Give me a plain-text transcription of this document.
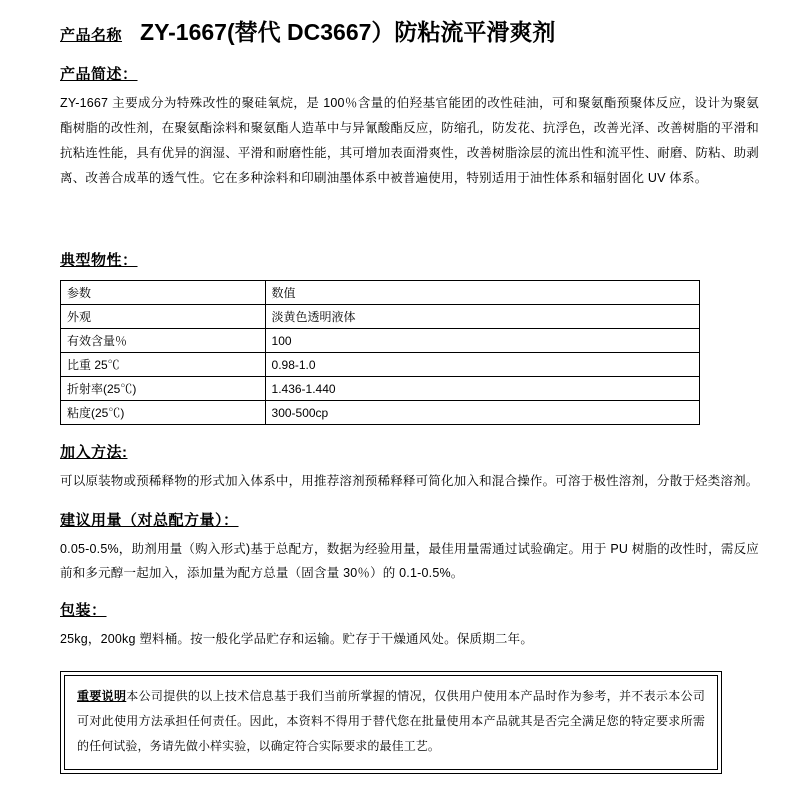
产品名称 ZY-1667(替代 DC3667）防粘流平滑爽剂
产品简述：
ZY-1667 主要成分为特殊改性的聚硅氧烷，是 100％含量的伯羟基官能团的改性硅油，可和聚氨酯预聚体反应，设计为聚氨酯树脂的改性剂，在聚氨酯涂料和聚氨酯人造革中与异氰酸酯反应，防缩孔，防发花、抗浮色，改善光泽、改善树脂的平滑和抗粘连性能，具有优异的润湿、平滑和耐磨性能，其可增加表面滑爽性，改善树脂涂层的流出性和流平性、耐磨、防粘、助剥离、改善合成革的透气性。它在多种涂料和印刷油墨体系中被普遍使用，特别适用于油性体系和辐射固化 UV 体系。
典型物性：
参数	数值
外观	淡黄色透明液体
有效含量％	100
比重 25℃	0.98-1.0
折射率(25℃)	1.436-1.440
粘度(25℃)	300-500cp
加入方法:
可以原装物或预稀释物的形式加入体系中，用推荐溶剂预稀释释可简化加入和混合操作。可溶于极性溶剂，分散于烃类溶剂。
建议用量（对总配方量）：
0.05-0.5%，助剂用量（购入形式)基于总配方，数据为经验用量，最佳用量需通过试验确定。用于 PU 树脂的改性时，需反应前和多元醇一起加入，添加量为配方总量（固含量 30％）的 0.1-0.5%。
包装：
25kg，200kg 塑料桶。按一般化学品贮存和运输。贮存于干燥通风处。保质期二年。
重要说明本公司提供的以上技术信息基于我们当前所掌握的情况，仅供用户使用本产品时作为参考，并不表示本公司可对此使用方法承担任何责任。因此，本资料不得用于替代您在批量使用本产品就其是否完全满足您的特定要求所需的任何试验，务请先做小样实验，以确定符合实际要求的最佳工艺。
